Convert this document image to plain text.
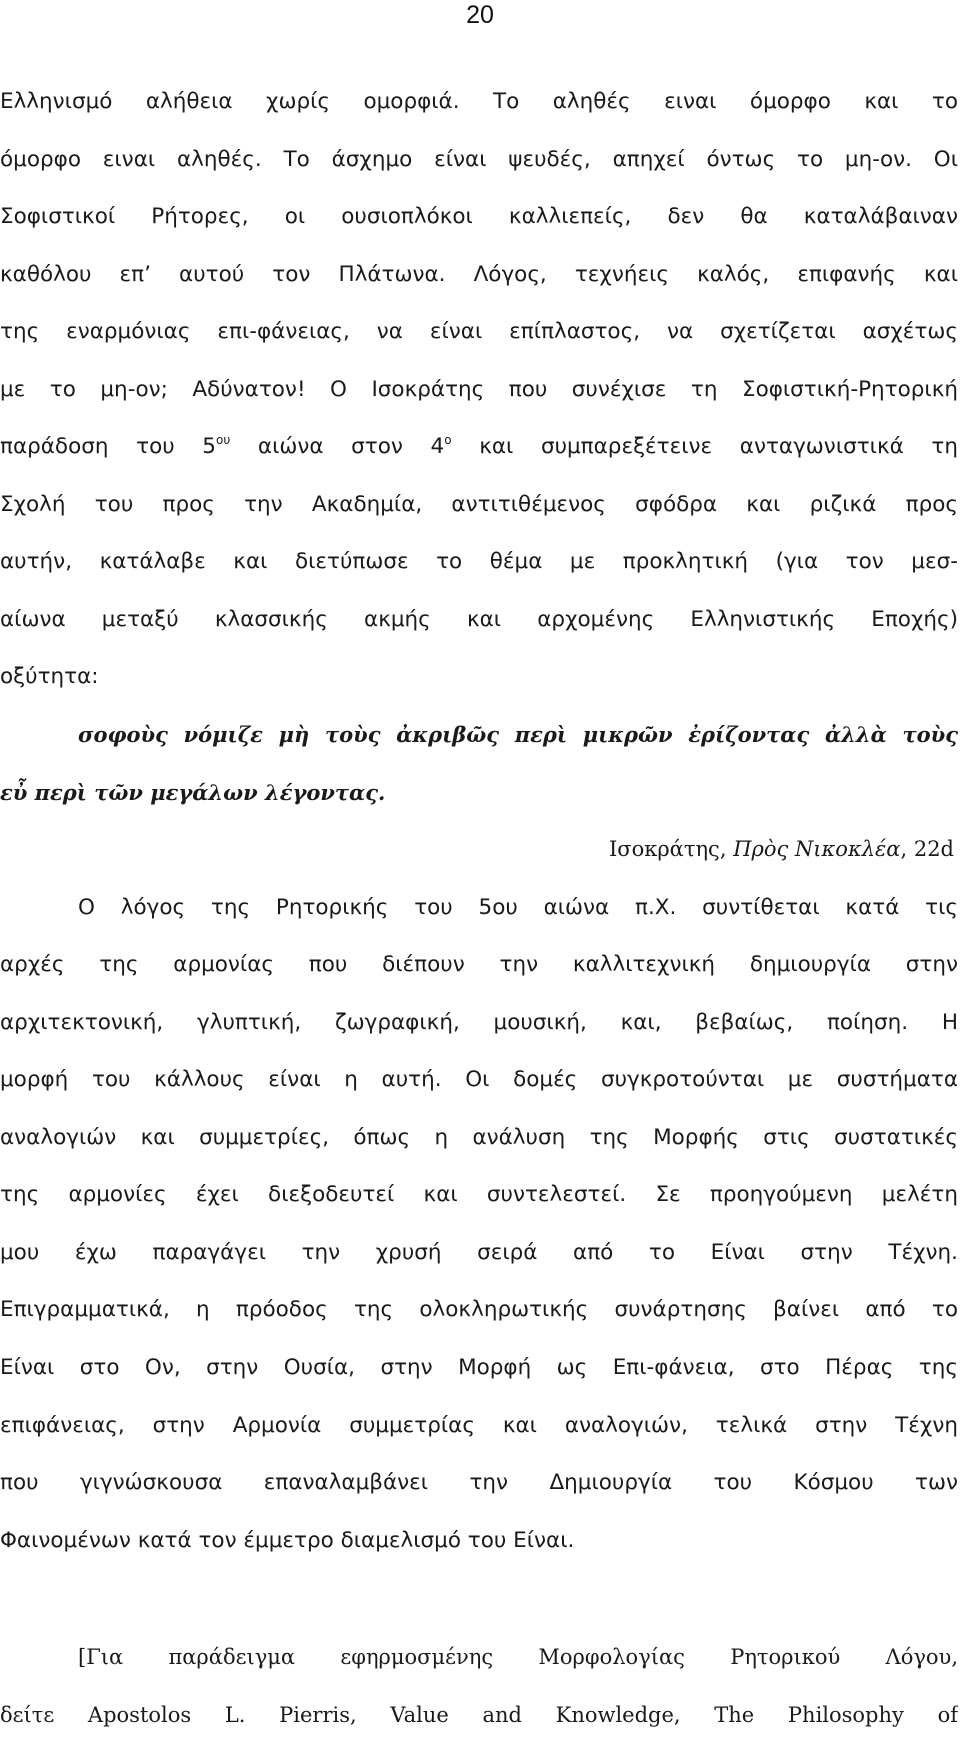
20
Ελληνισμό αλήθεια χωρίς ομορφιά. Το αληθές ειναι όμορφο και το
όμορφο ειναι αληθές. Το άσχημο είναι ψευδές, απηχεί όντως το μη-ον. Οι
Σοφιστικοί Ρήτορες, οι ουσιοπλόκοι καλλιεπείς, δεν θα καταλάβαιναν
καθόλου επ’ αυτού τον Πλάτωνα. Λόγος, τεχνήεις καλός, επιφανής και
της εναρμόνιας επι-φάνειας, να είναι επίπλαστος, να σχετίζεται ασχέτως
με το μη-ον; Αδύνατον! Ο Ισοκράτης που συνέχισε τη Σοφιστική-Ρητορική
παράδοση του $5^{o\upsilon}$ αιώνα στον $4^o$ και συμπαρεξέτεινε ανταγωνιστικά τη
Σχολή του προς την Ακαδημία, αντιτιθέμενος σφόδρα και ριζικά προς
αυτήν, κατάλαβε και διετύπωσε το θέμα με προκλητική (για τον μεσ-
αίωνα μεταξύ κλασσικής ακμής και αρχομένης Ελληνιστικής Εποχής)
οξύτητα:
σοφοὺς νόμιζε μὴ τοὺς ἀκριβῶς περὶ μικρῶν ἐρίζοντας ἀλλὰ τοὺς
εὖ περὶ τῶν μεγάλων λέγοντας.
Ισοκράτης, Πρὸς Νικοκλέα, 22d
Ο λόγος της Ρητορικής του 5ου αιώνα π.Χ. συντίθεται κατά τις
αρχές της αρμονίας που διέπουν την καλλιτεχνική δημιουργία στην
αρχιτεκτονική, γλυπτική, ζωγραφική, μουσική, και, βεβαίως, ποίηση. Η
μορφή του κάλλους είναι η αυτή. Οι δομές συγκροτούνται με συστήματα
αναλογιών και συμμετρίες, όπως η ανάλυση της Μορφής στις συστατικές
της αρμονίες έχει διεξοδευτεί και συντελεστεί. Σε προηγούμενη μελέτη
μου έχω παραγάγει την χρυσή σειρά από το Είναι στην Τέχνη.
Επιγραμματικά, η πρόοδος της ολοκληρωτικής συνάρτησης βαίνει από το
Είναι στο Ον, στην Ουσία, στην Μορφή ως Επι-φάνεια, στο Πέρας της
επιφάνειας, στην Αρμονία συμμετρίας και αναλογιών, τελικά στην Τέχνη
που γιγνώσκουσα επαναλαμβάνει την Δημιουργία του Κόσμου των
Φαινομένων κατά τον έμμετρο διαμελισμό του Είναι.
[Για παράδειγμα εφηρμοσμένης Μορφολογίας Ρητορικού Λόγου,
δείτε Apostolos L. Pierris, Value and Knowledge, The Philosophy of
